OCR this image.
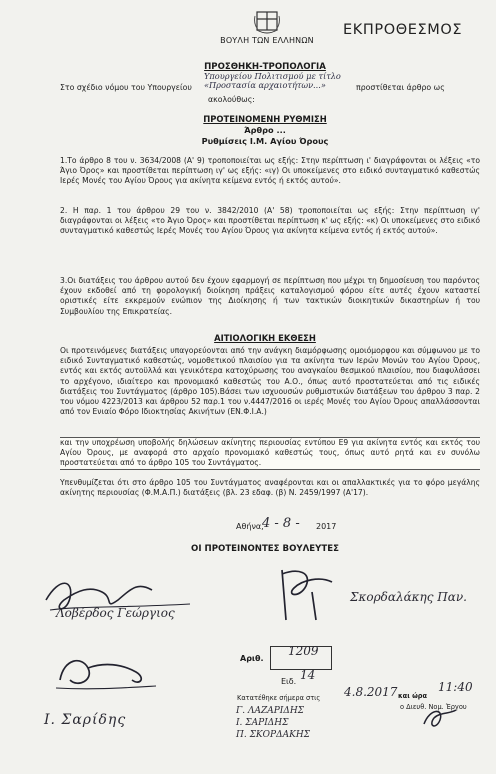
ΒΟΥΛΗ ΤΩΝ ΕΛΛΗΝΩΝ
ΕΚΠΡΟΘΕΣΜΟΣ
ΠΡΟΣΘΗΚΗ-ΤΡΟΠΟΛΟΓΙΑ
Στο σχέδιο νόμου του Υπουργείου
Υπουργείου Πολιτισμού με τίτλο «Προστασία αρχαιοτήτων...»	προστίθεται άρθρο ως
ακολούθως:
ΠΡΟΤΕΙΝΟΜΕΝΗ ΡΥΘΜΙΣΗ
Άρθρο ...
Ρυθμίσεις Ι.Μ. Αγίου Όρους
1.Το άρθρο 8 του ν. 3634/2008 (Α' 9) τροποποιείται ως εξής: Στην περίπτωση ι' διαγράφονται οι λέξεις «το Άγιο Όρος» και προστίθεται περίπτωση ιγ' ως εξής: «ιγ) Οι υποκείμενες στο ειδικό συνταγματικό καθεστώς Ιερές Μονές του Αγίου Όρους για ακίνητα κείμενα εντός ή εκτός αυτού».
2. Η παρ. 1 του άρθρου 29 του ν. 3842/2010 (Α' 58) τροποποιείται ως εξής: Στην περίπτωση ιγ' διαγράφονται οι λέξεις «το Άγιο Όρος» και προστίθεται περίπτωση κ' ως εξής: «κ) Οι υποκείμενες στο ειδικό συνταγματικό καθεστώς Ιερές Μονές του Αγίου Όρους για ακίνητα κείμενα εντός ή εκτός αυτού».
3.Οι διατάξεις του άρθρου αυτού δεν έχουν εφαρμογή σε περίπτωση που μέχρι τη δημοσίευση του παρόντος έχουν εκδοθεί από τη φορολογική διοίκηση πράξεις καταλογισμού φόρου είτε αυτές έχουν καταστεί οριστικές είτε εκκρεμούν ενώπιον της Διοίκησης ή των τακτικών διοικητικών δικαστηρίων ή του Συμβουλίου της Επικρατείας.
ΑΙΤΙΟΛΟΓΙΚΗ ΕΚΘΕΣΗ
Οι προτεινόμενες διατάξεις υπαγορεύονται από την ανάγκη διαμόρφωσης ομοιόμορφου και σύμφωνου με το ειδικό Συνταγματικό καθεστώς, νομοθετικού πλαισίου για τα ακίνητα των Ιερών Μονών του Αγίου Όρους, εντός και εκτός αυτοϋλλά και γενικότερα κατοχύρωσης του αναγκαίου θεσμικού πλαισίου, που διαφυλάσσει το αρχέγονο, ιδιαίτερο και προνομιακό καθεστώς του Α.Ο., όπως αυτό προστατεύεται από τις ειδικές διατάξεις του Συντάγματος (άρθρο 105).Βάσει των ισχυουσών ρυθμιστικών διατάξεων του άρθρου 3 παρ. 2 του νόμου 4223/2013 και άρθρου 52 παρ.1 του ν.4447/2016 οι ιερές Μονές του Αγίου Όρους απαλλάσσονται από τον Ενιαίο Φόρο Ιδιοκτησίας Ακινήτων (ΕΝ.Φ.Ι.Α.)
και την υποχρέωση υποβολής δηλώσεων ακίνητης περιουσίας εντύπου Ε9 για ακίνητα εντός και εκτός του Αγίου Όρους, με αναφορά στο αρχαίο προνομιακό καθεστώς τους, όπως αυτό ρητά και εν συνόλω προστατεύεται από το άρθρο 105 του Συντάγματος.
Υπενθυμίζεται ότι στο άρθρο 105 του Συντάγματος αναφέρονται και οι απαλλακτικές για το φόρο μεγάλης ακίνητης περιουσίας (Φ.Μ.Α.Π.) διατάξεις (βλ. 23 εδαφ. (β) Ν. 2459/1997 (Α'17).
Αθήνα,
4 - 8 - 2017
ΟΙ ΠΡΟΤΕΙΝΟΝΤΕΣ ΒΟΥΛΕΥΤΕΣ
Λοβέρδος Γεώργιος
Σκορδαλάκης Παν.
Ι. Σαρίδης
Αριθ.
1209
Ειδ. 14
Κατατέθηκε σήμερα στις 4.8.2017 και ώρα
11:40
ο Διευθ. Νομ. Έργου
Γ. ΛΑΖΑΡΙΔΗΣ
Ι. ΣΑΡΙΔΗΣ
Π. ΣΚΟΡΔΑΚΗΣ
